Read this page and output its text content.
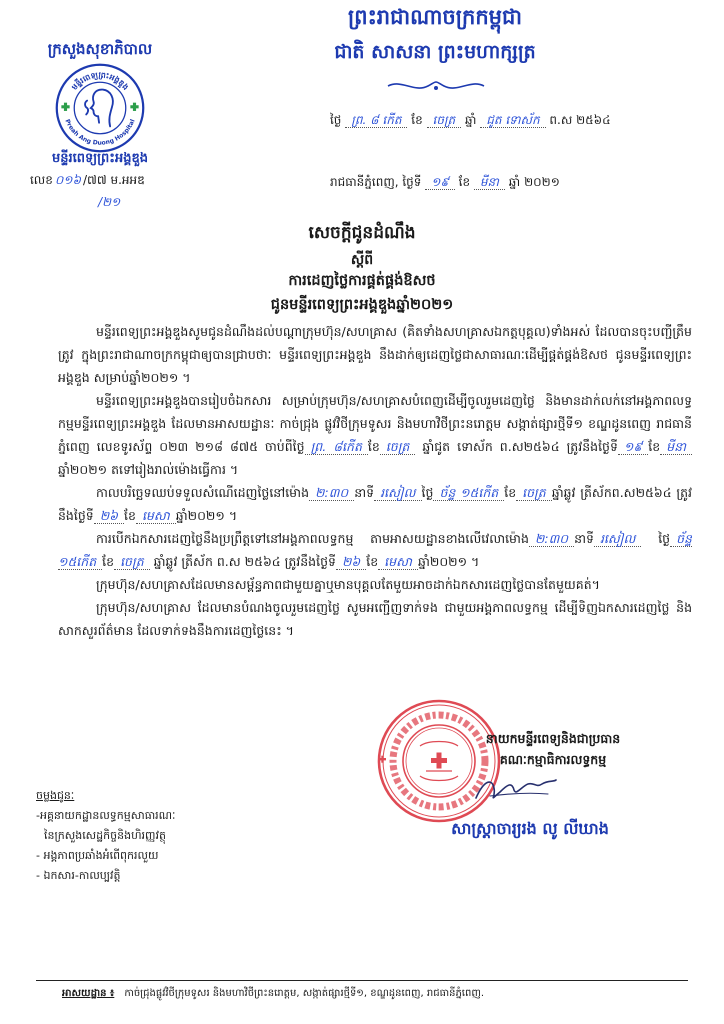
ព្រះរាជាណាចក្រកម្ពុជា
ជាតិ សាសនា ព្រះមហាក្សត្រ
ក្រសួងសុខាភិបាល
មន្ទីរពេទ្យព្រះអង្គឌួង
Preah Ang Duong Hospital
មន្ទីរពេទ្យព្រះអង្គឌួង
លេខ ០១៦ /៧៧ ម.អអឌ
/២១
ថ្ងៃ ព្រ. ៨ កើត ខែ ចេត្រ ឆ្នាំ ជូត ទោស័ក ព.ស ២៥៦៤
រាជធានីភ្នំពេញ, ថ្ងៃទី ១៩ ខែ មីនា ឆ្នាំ ២០២១
សេចក្ដីជូនដំណឹង
ស្ដីពី
ការដេញថ្លៃការផ្គត់ផ្គង់ឱសថ
ជូនមន្ទីរពេទ្យព្រះអង្គឌួងឆ្នាំ២០២១

មន្ទីរពេទ្យព្រះអង្គឌួងសូមជូនដំណឹងដល់បណ្ដាក្រុមហ៊ុន/សហគ្រាស (គិតទាំងសហគ្រាសឯកត្តបុគ្គល)ទាំងអស់ ដែលបានចុះបញ្ជីត្រឹមត្រូវ ក្នុងព្រះរាជាណាចក្រកម្ពុជាឲ្យបានជ្រាបថាៈ មន្ទីរពេទ្យព្រះអង្គឌួង នឹងដាក់ឲ្យដេញថ្លៃជាសាធារណៈដើម្បីផ្គត់ផ្គង់ឱសថ ជូនមន្ទីរពេទ្យព្រះអង្គឌួង សម្រាប់ឆ្នាំ២០២១ ។

មន្ទីរពេទ្យព្រះអង្គឌួងបានរៀបចំឯកសារ សម្រាប់ក្រុមហ៊ុន/សហគ្រាសបំពេញដើម្បីចូលរួមដេញថ្លៃ និងមានដាក់លក់នៅអង្គភាពលទ្ធកម្មមន្ទីរពេទ្យព្រះអង្គឌួង ដែលមានអាសយដ្ឋានៈ កាច់ជ្រុង ផ្លូវវិថីក្រុមទូសរ និងមហាវិថីព្រះនរោត្តម សង្កាត់ផ្សារថ្មីទី១ ខណ្ឌដូនពេញ រាជធានីភ្នំពេញ លេខទូរស័ព្ទ ០២៣ ២១៨ ៨៧៥ ចាប់ពីថ្ងៃ ព្រ. ៨កើត ខែ ចេត្រ ឆ្នាំជូត ទោស័ក ព.ស២៥៦៤ ត្រូវនឹងថ្ងៃទី ១៩ ខែ មីនាឆ្នាំ២០២១ តទៅរៀងរាល់ម៉ោងធ្វើការ ។

កាលបរិច្ឆេទឈប់ទទួលសំណើដេញថ្លៃនៅម៉ោង ២:៣០ នាទី រសៀល ថ្ងៃ ច័ន្ទ ១៥កើត ខែ ចេត្រ ឆ្នាំឆ្លូវ ត្រីស័កព.ស២៥៦៤ ត្រូវនឹងថ្ងៃទី ២៦ ខែ មេសា ឆ្នាំ២០២១ ។

ការបើកឯកសារដេញថ្លៃនឹងប្រព្រឹត្តទៅនៅអង្គភាពលទ្ធកម្ម តាមអាសយដ្ឋានខាងលើវេលាម៉ោង ២:៣០ នាទី រសៀល ថ្ងៃ ច័ន្ទ ១៥កើត ខែ ចេត្រ ឆ្នាំឆ្លូវ ត្រីស័ក ព.ស ២៥៦៤ ត្រូវនឹងថ្ងៃទី ២៦ ខែ មេសា ឆ្នាំ២០២១ ។

ក្រុមហ៊ុន/សហគ្រាសដែលមានសម្ព័ន្ធភាពជាមួយគ្នាឬមានបុគ្គលតែមួយអាចដាក់ឯកសារដេញថ្លៃបានតែមួយគត់។

ក្រុមហ៊ុន/សហគ្រាស ដែលមានបំណងចូលរួមដេញថ្លៃ សូមអញ្ជើញទាក់ទង ជាមួយអង្គភាពលទ្ធកម្ម ដើម្បីទិញឯកសារដេញថ្លៃ និងសាកសួរព័ត៌មាន ដែលទាក់ទងនឹងការដេញថ្លៃនេះ ។

នាយកមន្ទីរពេទ្យនិងជាប្រធាន
គណៈកម្មាធិការលទ្ធកម្ម
សាស្ត្រាចារ្យរង លូ លីឃាង
ចម្លងជូនៈ
-អគ្គនាយកដ្ឋានលទ្ធកម្មសាធារណៈ
នៃក្រសួងសេដ្ឋកិច្ចនិងហិរញ្ញវត្ថុ
- អង្គភាពប្រឆាំងអំពើពុករលួយ
- ឯកសារ-កាលប្បវត្តិ
អាសយដ្ឋាន ៖ កាច់ជ្រុងផ្លូវវិថីក្រុមទូសរ និងមហាវិថីព្រះនរោត្តម, សង្កាត់ផ្សារថ្មីទី១, ខណ្ឌដូនពេញ, រាជធានីភ្នំពេញ.
